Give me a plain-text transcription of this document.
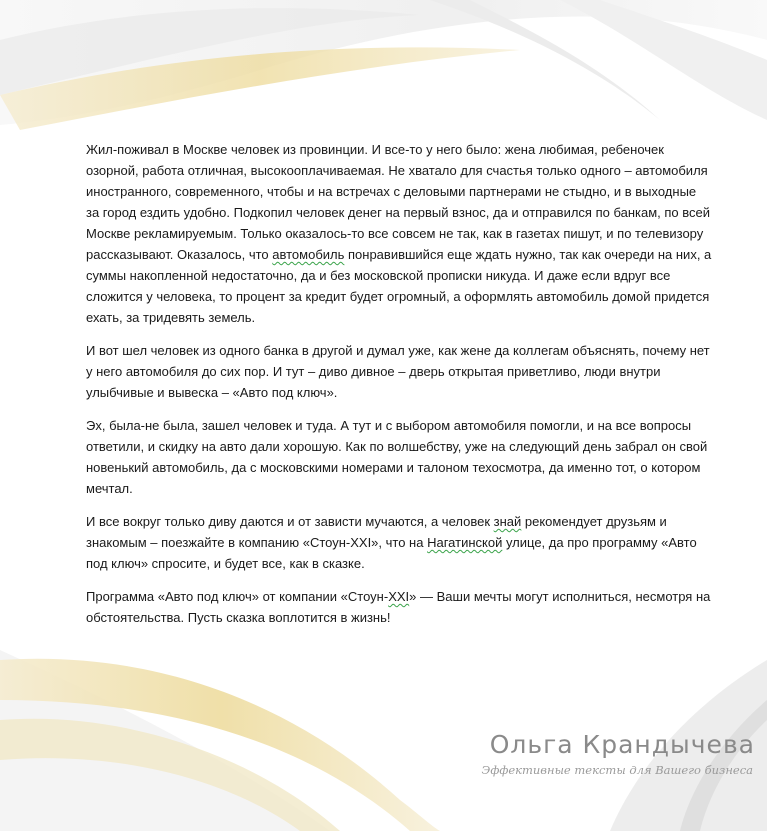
Жил-поживал в Москве человек из провинции. И все-то у него было: жена любимая, ребеночек озорной, работа отличная, высокооплачиваемая. Не хватало для счастья только одного – автомобиля иностранного, современного, чтобы и на встречах с деловыми партнерами не стыдно, и в выходные за город ездить удобно. Подкопил человек денег на первый взнос, да и отправился по банкам, по всей Москве рекламируемым. Только оказалось-то все совсем не так, как в газетах пишут, и по телевизору рассказывают. Оказалось, что автомобиль понравившийся еще ждать нужно, так как очереди на них, а суммы накопленной недостаточно, да и без московской прописки никуда. И даже если вдруг все сложится у человека, то процент за кредит будет огромный, а оформлять автомобиль домой придется ехать, за тридевять земель.

И вот шел человек из одного банка в другой и думал уже, как жене да коллегам объяснять, почему нет у него автомобиля до сих пор. И тут – диво дивное – дверь открытая приветливо, люди внутри улыбчивые и вывеска – «Авто под ключ».

Эх, была-не была, зашел человек и туда. А тут и с выбором автомобиля помогли, и на все вопросы ответили, и скидку на авто дали хорошую. Как по волшебству, уже на следующий день забрал он свой новенький автомобиль, да с московскими номерами и талоном техосмотра, да именно тот, о котором мечтал.

И все вокруг только диву даются и от зависти мучаются, а человек знай рекомендует друзьям и знакомым – поезжайте в компанию «Стоун-XXI», что на Нагатинской улице, да про программу «Авто под ключ» спросите, и будет все, как в сказке.

Программа «Авто под ключ» от компании «Стоун-XXI» — Ваши мечты могут исполниться, несмотря на обстоятельства. Пусть сказка воплотится в жизнь!

Ольга Крандычева
Эффективные тексты для Вашего бизнеса
